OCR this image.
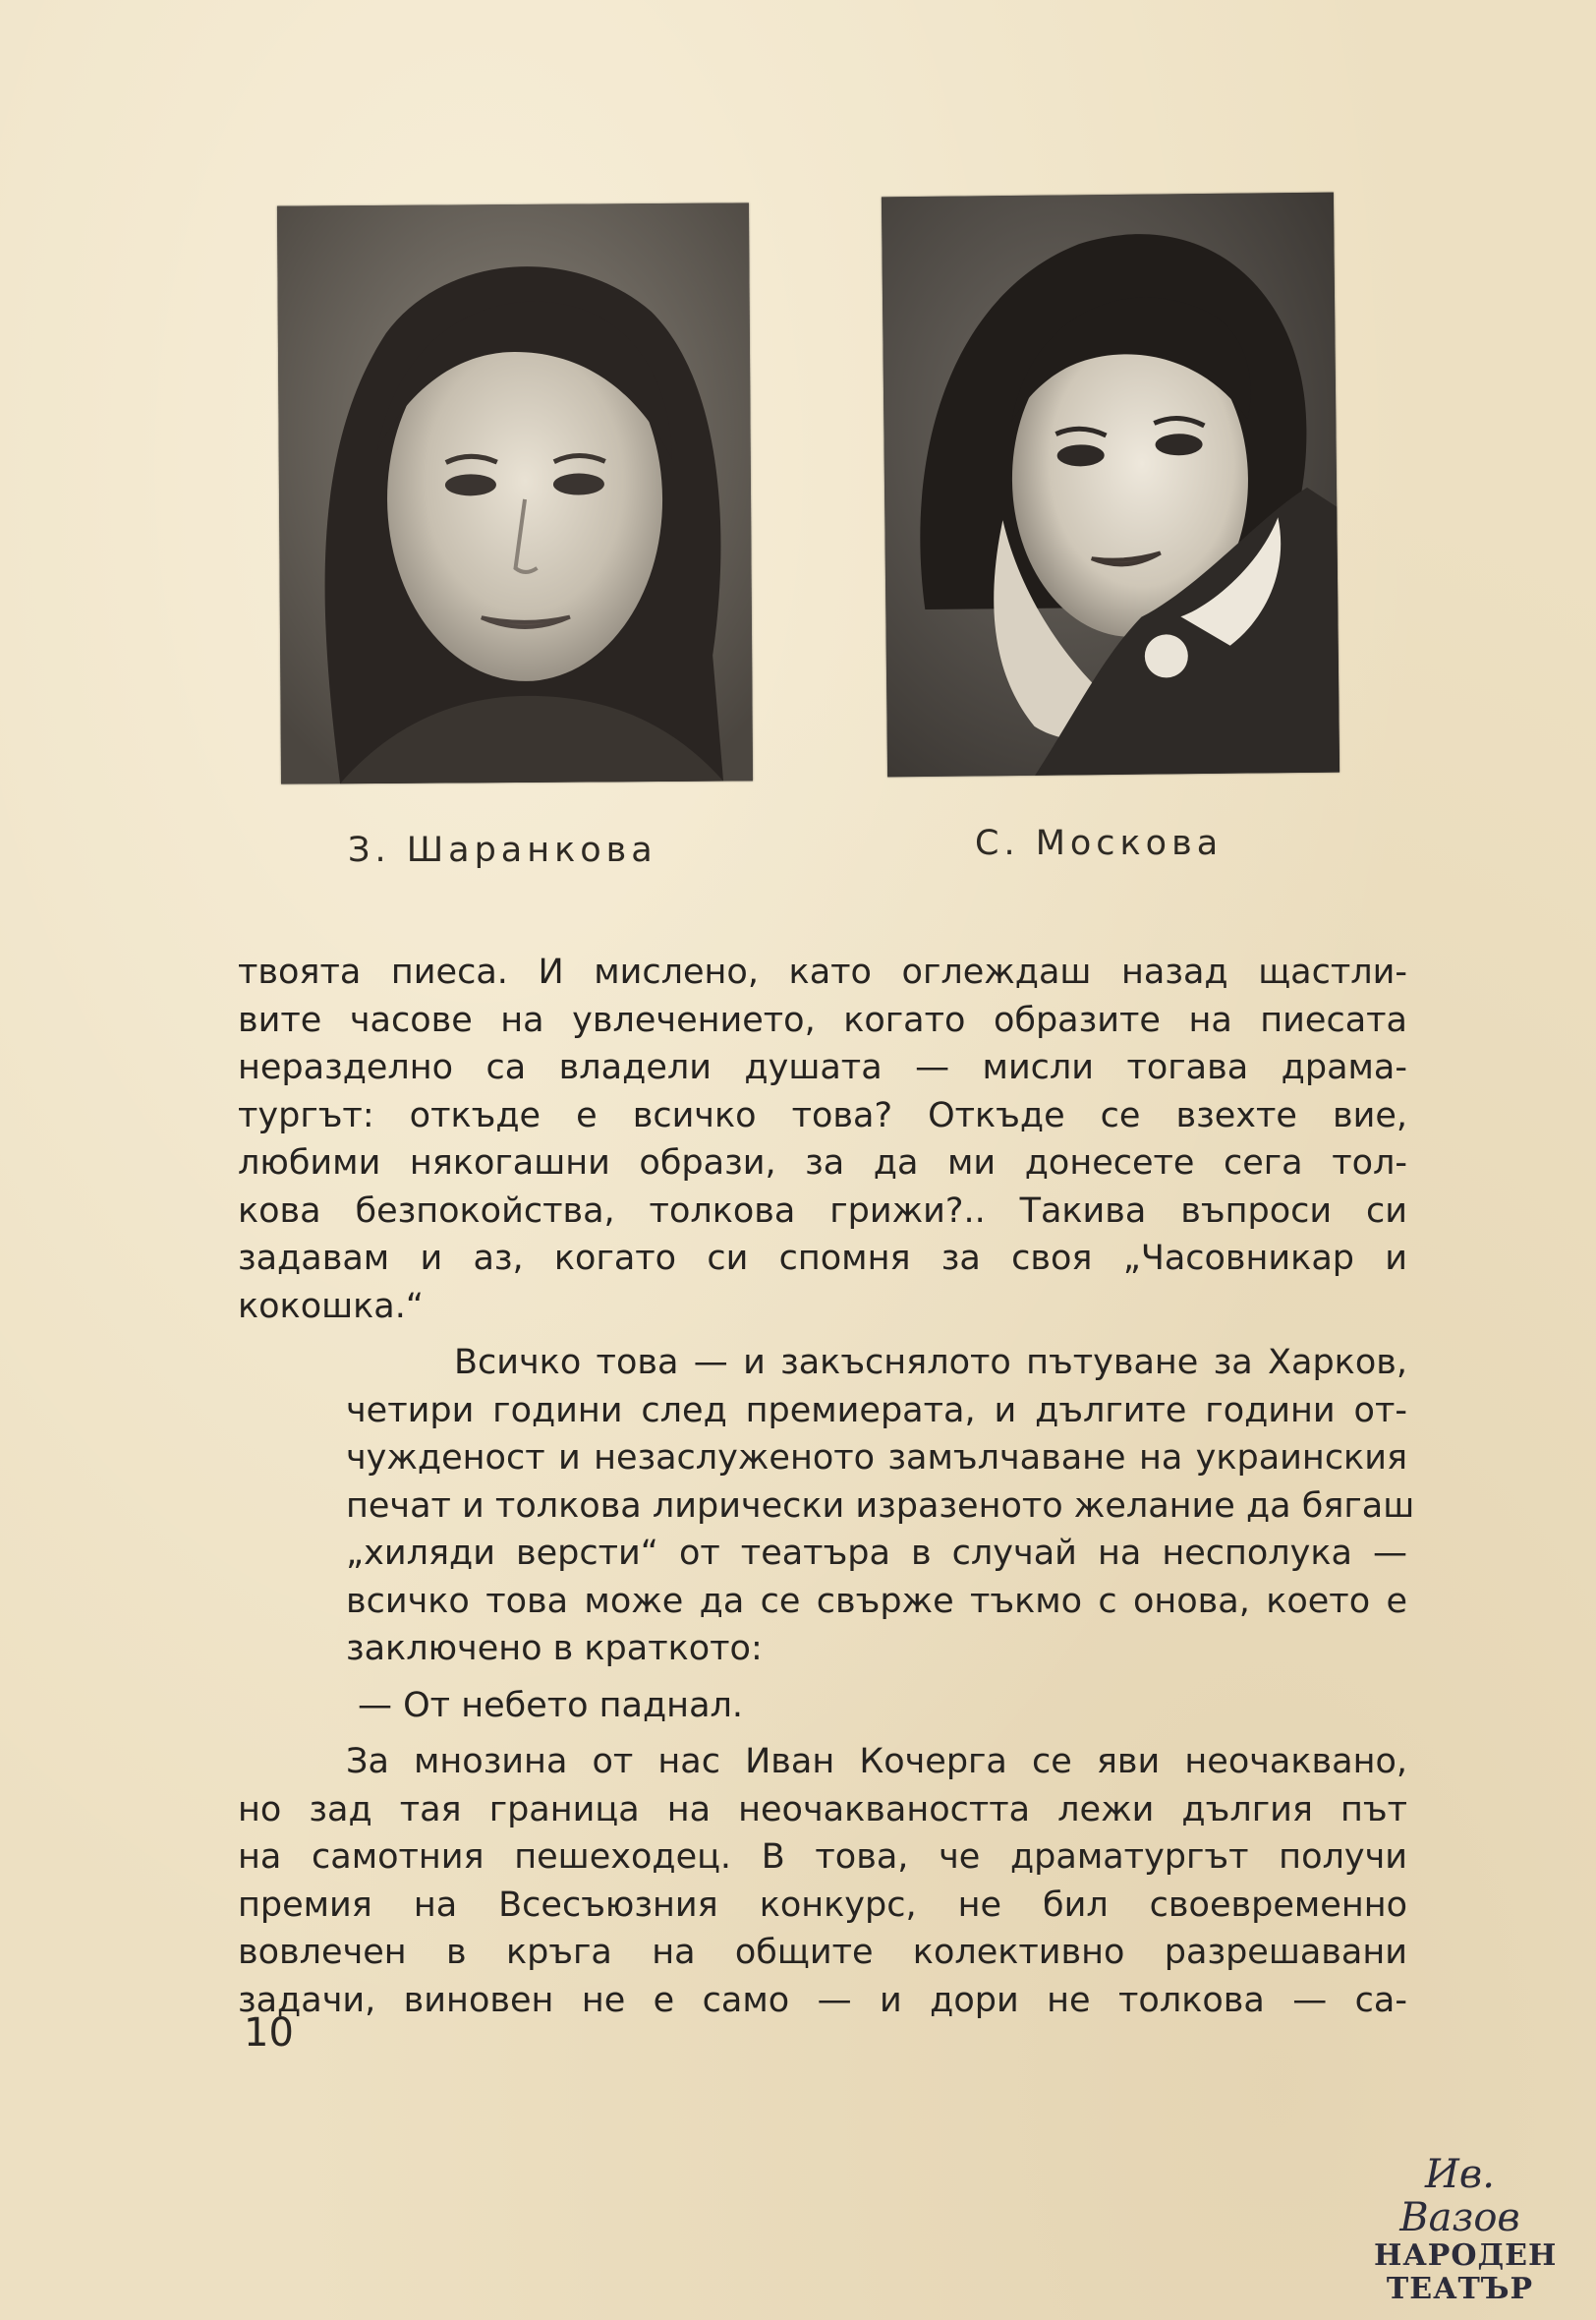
З. Шаранкова	С. Москова
твоята пиеса. И мислено, като оглеждаш назад щастли-
вите часове на увлечението, когато образите на пиесата
неразделно са владели душата — мисли тогава драма-
тургът: откъде е всичко това? Откъде се взехте вие,
любими някогашни образи, за да ми донесете сега тол-
кова безпокойства, толкова грижи?.. Такива въпроси си
задавам и аз, когато си спомня за своя „Часовникар и
кокошка.“
Всичко това — и закъснялото пътуване за Харков,
четири години след премиерата, и дългите години от-
чужденост и незаслуженото замълчаване на украинския
печат и толкова лирически изразеното желание да бягаш
„хиляди версти“ от театъра в случай на несполука —
всичко това може да се свърже тъкмо с онова, което е
заключено в краткото:
— От небето паднал.
За мнозина от нас Иван Кочерга се яви неочаквано,
но зад тая граница на неочакваността лежи дългия път
на самотния пешеходец. В това, че драматургът получи
премия на Всесъюзния конкурс, не бил своевременно
вовлечен в кръга на общите колективно разрешавани
задачи, виновен не е само — и дори не толкова — са-
10
Ив. Вазов
НАРОДЕН
ТЕАТЪР
